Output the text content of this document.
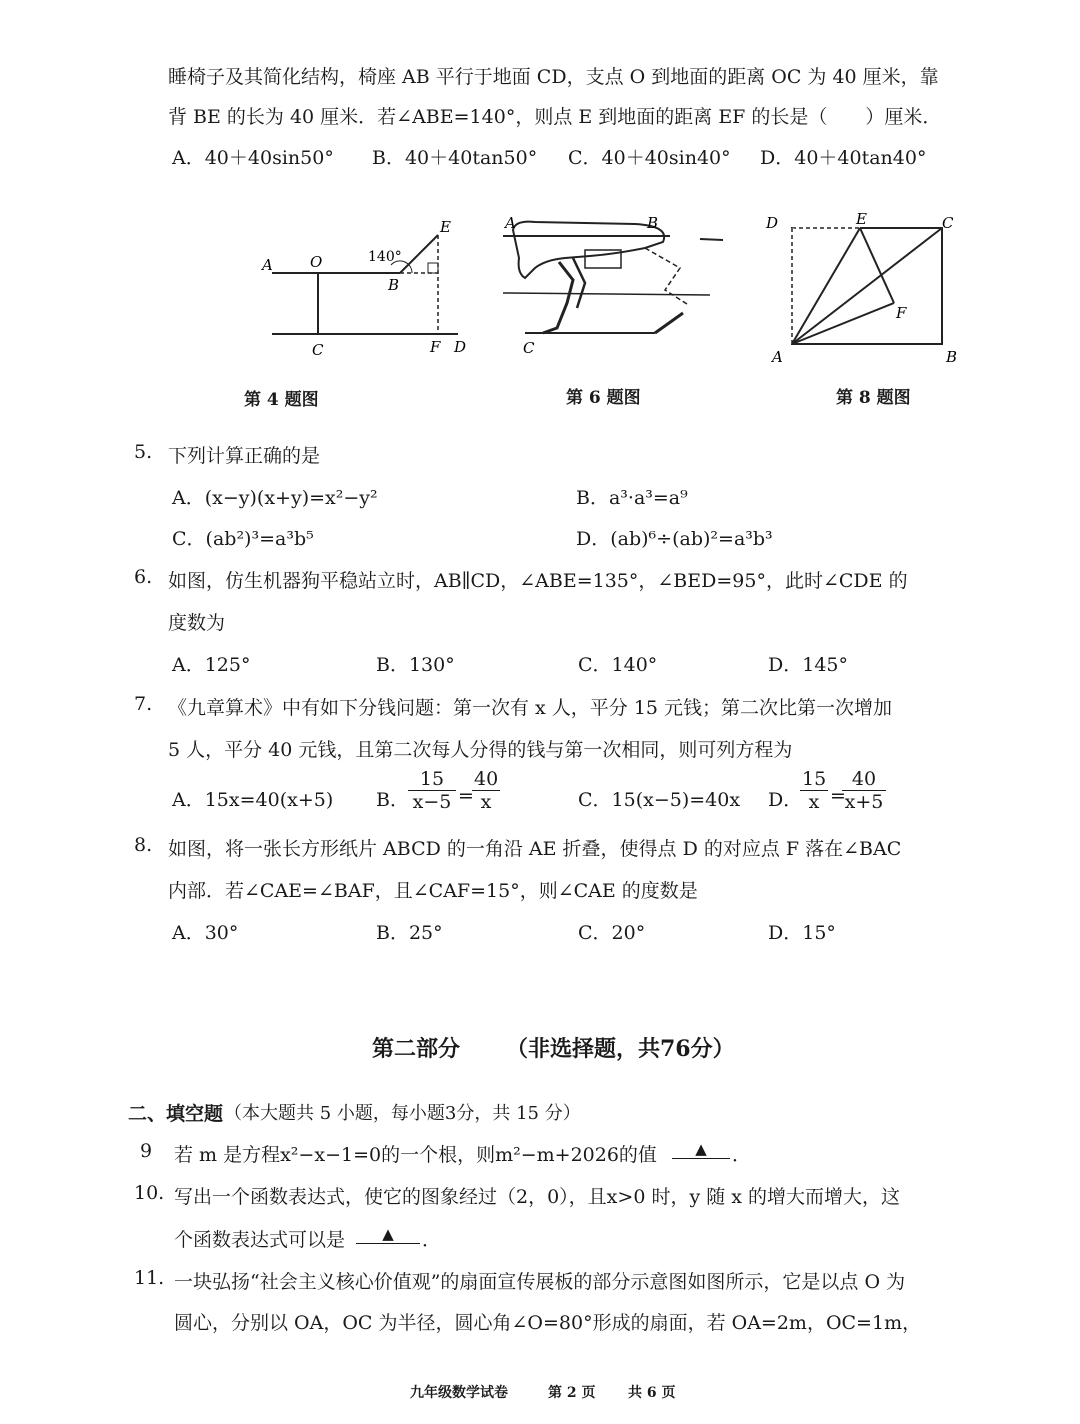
睡椅子及其简化结构，椅座 AB 平行于地面 CD，支点 O 到地面的距离 OC 为 40 厘米，靠
背 BE 的长为 40 厘米．若∠ABE=140°，则点 E 到地面的距离 EF 的长是（　　）厘米．
A．40＋40sin50° B．40＋40tan50° C．40＋40sin40° D．40＋40tan40°
A O
B
E
C	F D
140°
第 4 题图
A	B
C
第 6 题图
D	E	C
F
A	B
第 8 题图
5. 下列计算正确的是
A．(x−y)(x+y)=x²−y²	B．a³·a³=a⁹
C．(ab²)³=a³b⁵	D．(ab)⁶÷(ab)²=a³b³
6. 如图，仿生机器狗平稳站立时，AB∥CD，∠ABE=135°，∠BED=95°，此时∠CDE 的
度数为
A．125°	B．130°	C．140°	D．145°
7. 《九章算术》中有如下分钱问题：第一次有 x 人，平分 15 元钱；第二次比第一次增加
5 人，平分 40 元钱，且第二次每人分得的钱与第一次相同，则可列方程为
A．15x=40(x+5) B． $\frac{15}{x-5}$ =
$\frac{40}{x}$	C．15(x−5)=40x D．
$\frac{15}{x}$ =
$\frac{40}{x+5}$
8. 如图，将一张长方形纸片 ABCD 的一角沿 AE 折叠，使得点 D 的对应点 F 落在∠BAC
内部．若∠CAE=∠BAF，且∠CAF=15°，则∠CAE 的度数是
A．30°	B．25°	C．20°	D．15°
第二部分 （非选择题，共76分）
二、填空题 （本大题共 5 小题，每小题3分，共 15 分）
9 若 m 是方程x²−x−1=0的一个根，则m²−m+2026的值	▲	．
10. 写出一个函数表达式，使它的图象经过（2，0），且x>0 时，y 随 x 的增大而增大，这
个函数表达式可以是	▲	．
11. 一块弘扬“社会主义核心价值观”的扇面宣传展板的部分示意图如图所示，它是以点 O 为
圆心，分别以 OA，OC 为半径，圆心角∠O=80°形成的扇面，若 OA=2m，OC=1m，
九年级数学试卷	第 2 页 共 6 页
